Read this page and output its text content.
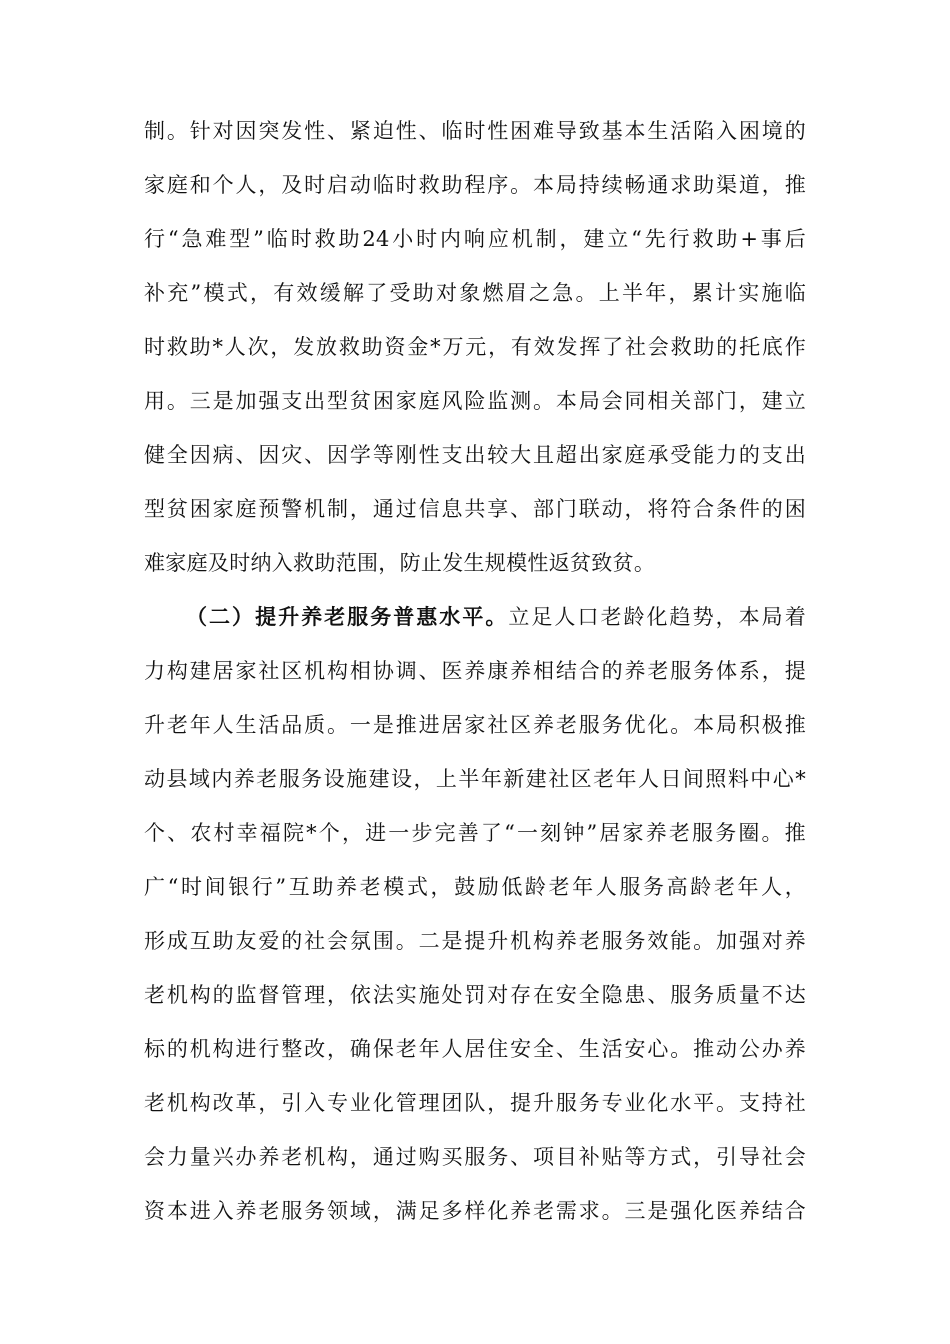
制。针对因突发性、紧迫性、临时性困难导致基本生活陷入困境的
家庭和个人，及时启动临时救助程序。本局持续畅通求助渠道，推
行“急难型”临时救助24小时内响应机制，建立“先行救助+事后
补充”模式，有效缓解了受助对象燃眉之急。上半年，累计实施临
时救助*人次，发放救助资金*万元，有效发挥了社会救助的托底作
用。三是加强支出型贫困家庭风险监测。本局会同相关部门，建立
健全因病、因灾、因学等刚性支出较大且超出家庭承受能力的支出
型贫困家庭预警机制，通过信息共享、部门联动，将符合条件的困
难家庭及时纳入救助范围，防止发生规模性返贫致贫。
（二）提升养老服务普惠水平。立足人口老龄化趋势，本局着
力构建居家社区机构相协调、医养康养相结合的养老服务体系，提
升老年人生活品质。一是推进居家社区养老服务优化。本局积极推
动县域内养老服务设施建设，上半年新建社区老年人日间照料中心*
个、农村幸福院*个，进一步完善了“一刻钟”居家养老服务圈。推
广“时间银行”互助养老模式，鼓励低龄老年人服务高龄老年人，
形成互助友爱的社会氛围。二是提升机构养老服务效能。加强对养
老机构的监督管理，依法实施处罚对存在安全隐患、服务质量不达
标的机构进行整改，确保老年人居住安全、生活安心。推动公办养
老机构改革，引入专业化管理团队，提升服务专业化水平。支持社
会力量兴办养老机构，通过购买服务、项目补贴等方式，引导社会
资本进入养老服务领域，满足多样化养老需求。三是强化医养结合
